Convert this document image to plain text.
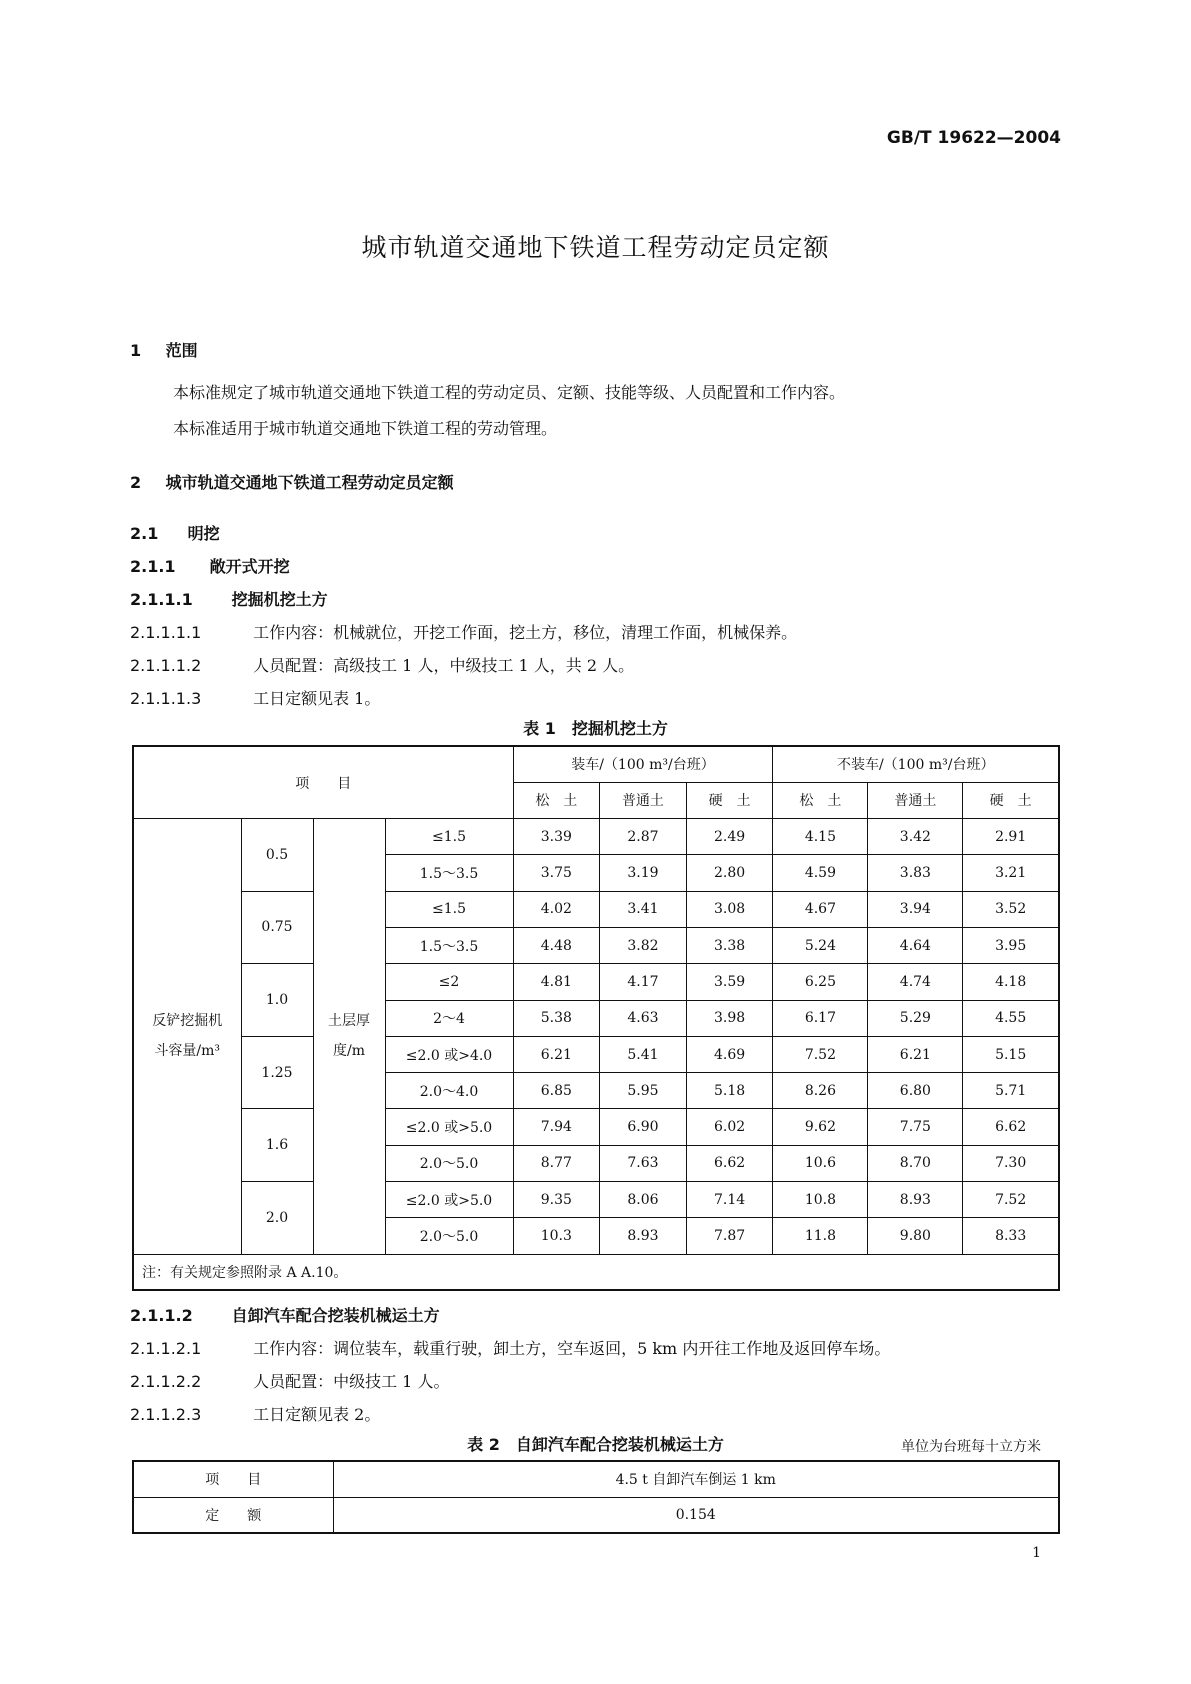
GB/T 19622—2004
城市轨道交通地下铁道工程劳动定员定额
1 范围
本标准规定了城市轨道交通地下铁道工程的劳动定员、定额、技能等级、人员配置和工作内容。
本标准适用于城市轨道交通地下铁道工程的劳动管理。
2 城市轨道交通地下铁道工程劳动定员定额
2.1 明挖
2.1.1 敞开式开挖
2.1.1.1 挖掘机挖土方
2.1.1.1.1	工作内容：机械就位，开挖工作面，挖土方，移位，清理工作面，机械保养。
2.1.1.1.2	人员配置：高级技工 1 人，中级技工 1 人，共 2 人。
2.1.1.1.3	工日定额见表 1。
表 1　挖掘机挖土方
项　　目				装车/（100 m³/台班）			不装车/（100 m³/台班）		
				松　土	普通土	硬　土	松　土	普通土	硬　土
反铲挖掘机斗容量/m³	0.5	土层厚度/m	≤1.5	3.39	2.87	2.49	4.15	3.42	2.91
			1.5～3.5	3.75	3.19	2.80	4.59	3.83	3.21
	0.75		≤1.5	4.02	3.41	3.08	4.67	3.94	3.52
			1.5～3.5	4.48	3.82	3.38	5.24	4.64	3.95
	1.0		≤2	4.81	4.17	3.59	6.25	4.74	4.18
			2～4	5.38	4.63	3.98	6.17	5.29	4.55
	1.25		≤2.0 或>4.0	6.21	5.41	4.69	7.52	6.21	5.15
			2.0～4.0	6.85	5.95	5.18	8.26	6.80	5.71
	1.6		≤2.0 或>5.0	7.94	6.90	6.02	9.62	7.75	6.62
			2.0～5.0	8.77	7.63	6.62	10.6	8.70	7.30
	2.0		≤2.0 或>5.0	9.35	8.06	7.14	10.8	8.93	7.52
			2.0～5.0	10.3	8.93	7.87	11.8	9.80	8.33
注：有关规定参照附录 A A.10。									
2.1.1.2 自卸汽车配合挖装机械运土方
2.1.1.2.1	工作内容：调位装车，载重行驶，卸土方，空车返回，5 km 内开往工作地及返回停车场。
2.1.1.2.2	人员配置：中级技工 1 人。
2.1.1.2.3	工日定额见表 2。
表 2　自卸汽车配合挖装机械运土方	单位为台班每十立方米
项　　目	4.5 t 自卸汽车倒运 1 km
定　　额	0.154
1
